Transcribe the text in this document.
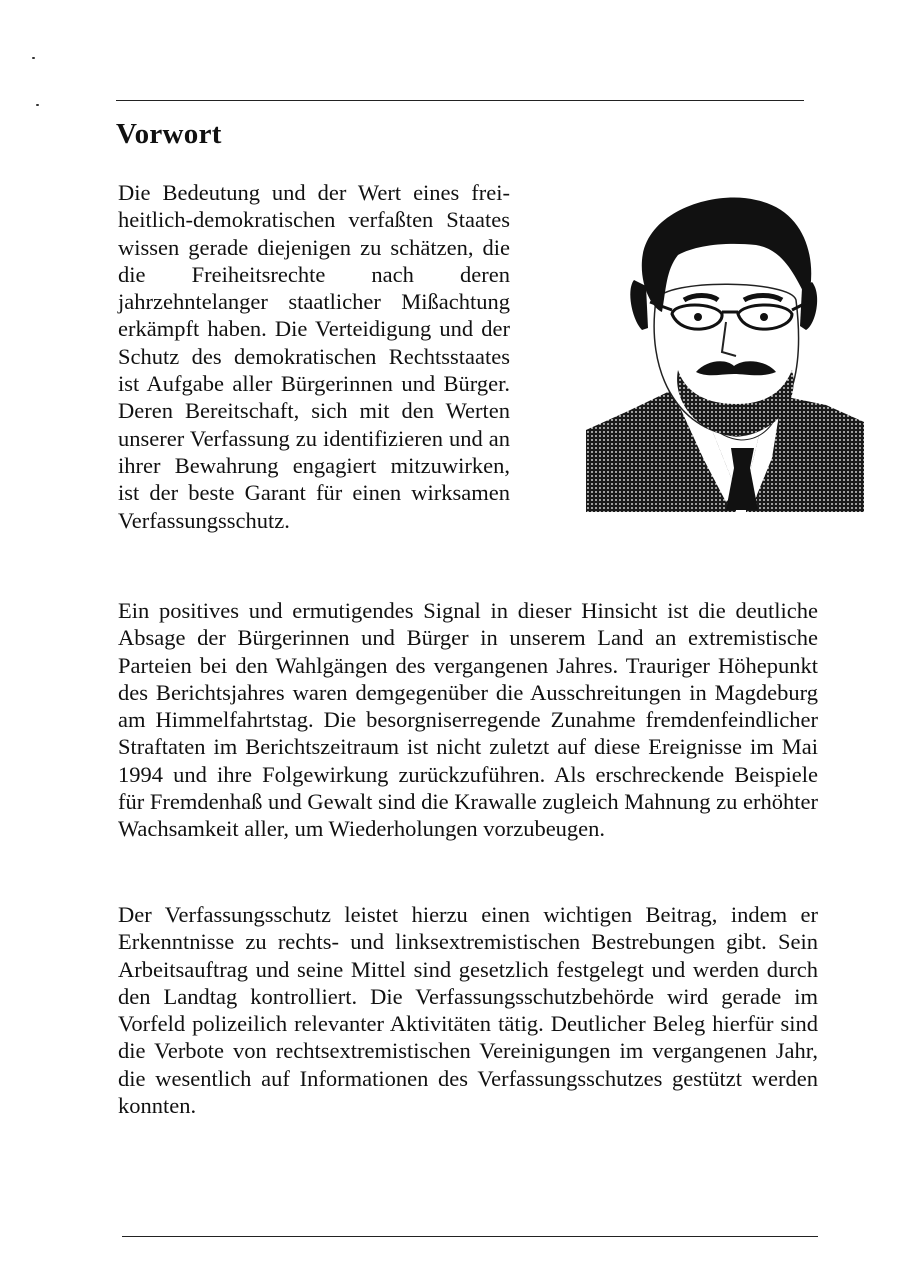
Vorwort

Die Bedeutung und der Wert eines freiheitlich-demokratischen verfaßten Staates wissen gerade diejenigen zu schätzen, die die Freiheitsrechte nach deren jahrzehntelanger staatlicher Mißachtung erkämpft haben. Die Verteidigung und der Schutz des demokratischen Rechtsstaates ist Aufgabe aller Bürgerinnen und Bürger. Deren Bereitschaft, sich mit den Werten unserer Verfassung zu identifizieren und an ihrer Bewahrung engagiert mitzuwirken, ist der beste Garant für einen wirksamen Verfassungsschutz.

Ein positives und ermutigendes Signal in dieser Hinsicht ist die deutliche Absage der Bürgerinnen und Bürger in unserem Land an extremistische Parteien bei den Wahlgängen des vergangenen Jahres. Trauriger Höhepunkt des Berichtsjahres waren demgegenüber die Ausschreitungen in Magdeburg am Himmelfahrtstag. Die besorgniserregende Zunahme fremdenfeindlicher Straftaten im Berichtszeitraum ist nicht zuletzt auf diese Ereignisse im Mai 1994 und ihre Folgewirkung zurückzuführen. Als erschreckende Beispiele für Fremdenhaß und Gewalt sind die Krawalle zugleich Mahnung zu erhöhter Wachsamkeit aller, um Wiederholungen vorzubeugen.

Der Verfassungsschutz leistet hierzu einen wichtigen Beitrag, indem er Erkenntnisse zu rechts- und linksextremistischen Bestrebungen gibt. Sein Arbeitsauftrag und seine Mittel sind gesetzlich festgelegt und werden durch den Landtag kontrolliert. Die Verfassungsschutzbehörde wird gerade im Vorfeld polizeilich relevanter Aktivitäten tätig. Deutlicher Beleg hierfür sind die Verbote von rechtsextremistischen Vereinigungen im vergangenen Jahr, die wesentlich auf Informationen des Verfassungsschutzes gestützt werden konnten.
